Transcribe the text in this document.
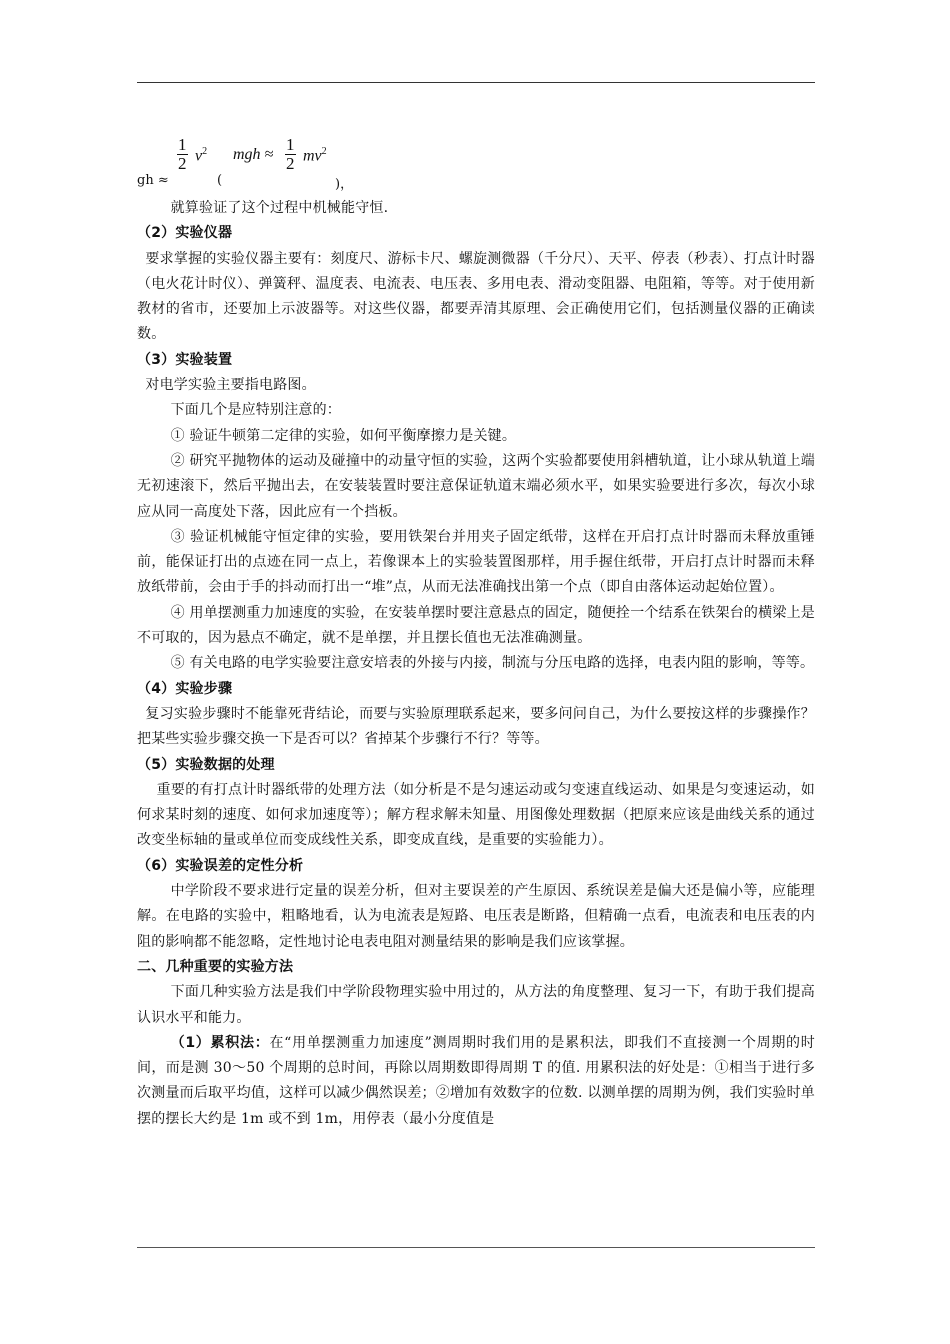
gh ≈
$\frac{1}{2} v^2$
(
mgh ≈ $\frac{1}{2} mv^2$
)，

就算验证了这个过程中机械能守恒.

（2）实验仪器

要求掌握的实验仪器主要有：刻度尺、游标卡尺、螺旋测微器（千分尺）、天平、停表（秒表）、打点计时器（电火花计时仪）、弹簧秤、温度表、电流表、电压表、多用电表、滑动变阻器、电阻箱，等等。对于使用新教材的省市，还要加上示波器等。对这些仪器，都要弄清其原理、会正确使用它们，包括测量仪器的正确读数。

（3）实验装置

对电学实验主要指电路图。

下面几个是应特别注意的：

① 验证牛顿第二定律的实验，如何平衡摩擦力是关键。

② 研究平抛物体的运动及碰撞中的动量守恒的实验，这两个实验都要使用斜槽轨道，让小球从轨道上端无初速滚下，然后平抛出去，在安装装置时要注意保证轨道末端必须水平，如果实验要进行多次，每次小球应从同一高度处下落，因此应有一个挡板。

③ 验证机械能守恒定律的实验，要用铁架台并用夹子固定纸带，这样在开启打点计时器而未释放重锤前，能保证打出的点迹在同一点上，若像课本上的实验装置图那样，用手握住纸带，开启打点计时器而未释放纸带前，会由于手的抖动而打出一“堆”点，从而无法准确找出第一个点（即自由落体运动起始位置）。

④ 用单摆测重力加速度的实验，在安装单摆时要注意悬点的固定，随便拴一个结系在铁架台的横梁上是不可取的，因为悬点不确定，就不是单摆，并且摆长值也无法准确测量。

⑤ 有关电路的电学实验要注意安培表的外接与内接，制流与分压电路的选择，电表内阻的影响，等等。

（4）实验步骤

复习实验步骤时不能靠死背结论，而要与实验原理联系起来，要多问问自己，为什么要按这样的步骤操作？把某些实验步骤交换一下是否可以？省掉某个步骤行不行？等等。

（5）实验数据的处理

重要的有打点计时器纸带的处理方法（如分析是不是匀速运动或匀变速直线运动、如果是匀变速运动，如何求某时刻的速度、如何求加速度等）；解方程求解未知量、用图像处理数据（把原来应该是曲线关系的通过改变坐标轴的量或单位而变成线性关系，即变成直线，是重要的实验能力）。

（6）实验误差的定性分析

中学阶段不要求进行定量的误差分析，但对主要误差的产生原因、系统误差是偏大还是偏小等，应能理解。在电路的实验中，粗略地看，认为电流表是短路、电压表是断路，但精确一点看，电流表和电压表的内阻的影响都不能忽略，定性地讨论电表电阻对测量结果的影响是我们应该掌握。

二、几种重要的实验方法

下面几种实验方法是我们中学阶段物理实验中用过的，从方法的角度整理、复习一下，有助于我们提高认识水平和能力。

（1）累积法：在“用单摆测重力加速度”测周期时我们用的是累积法，即我们不直接测一个周期的时间，而是测 30～50 个周期的总时间，再除以周期数即得周期 T 的值. 用累积法的好处是：①相当于进行多次测量而后取平均值，这样可以减少偶然误差；②增加有效数字的位数. 以测单摆的周期为例，我们实验时单摆的摆长大约是 1m 或不到 1m，用停表（最小分度值是
